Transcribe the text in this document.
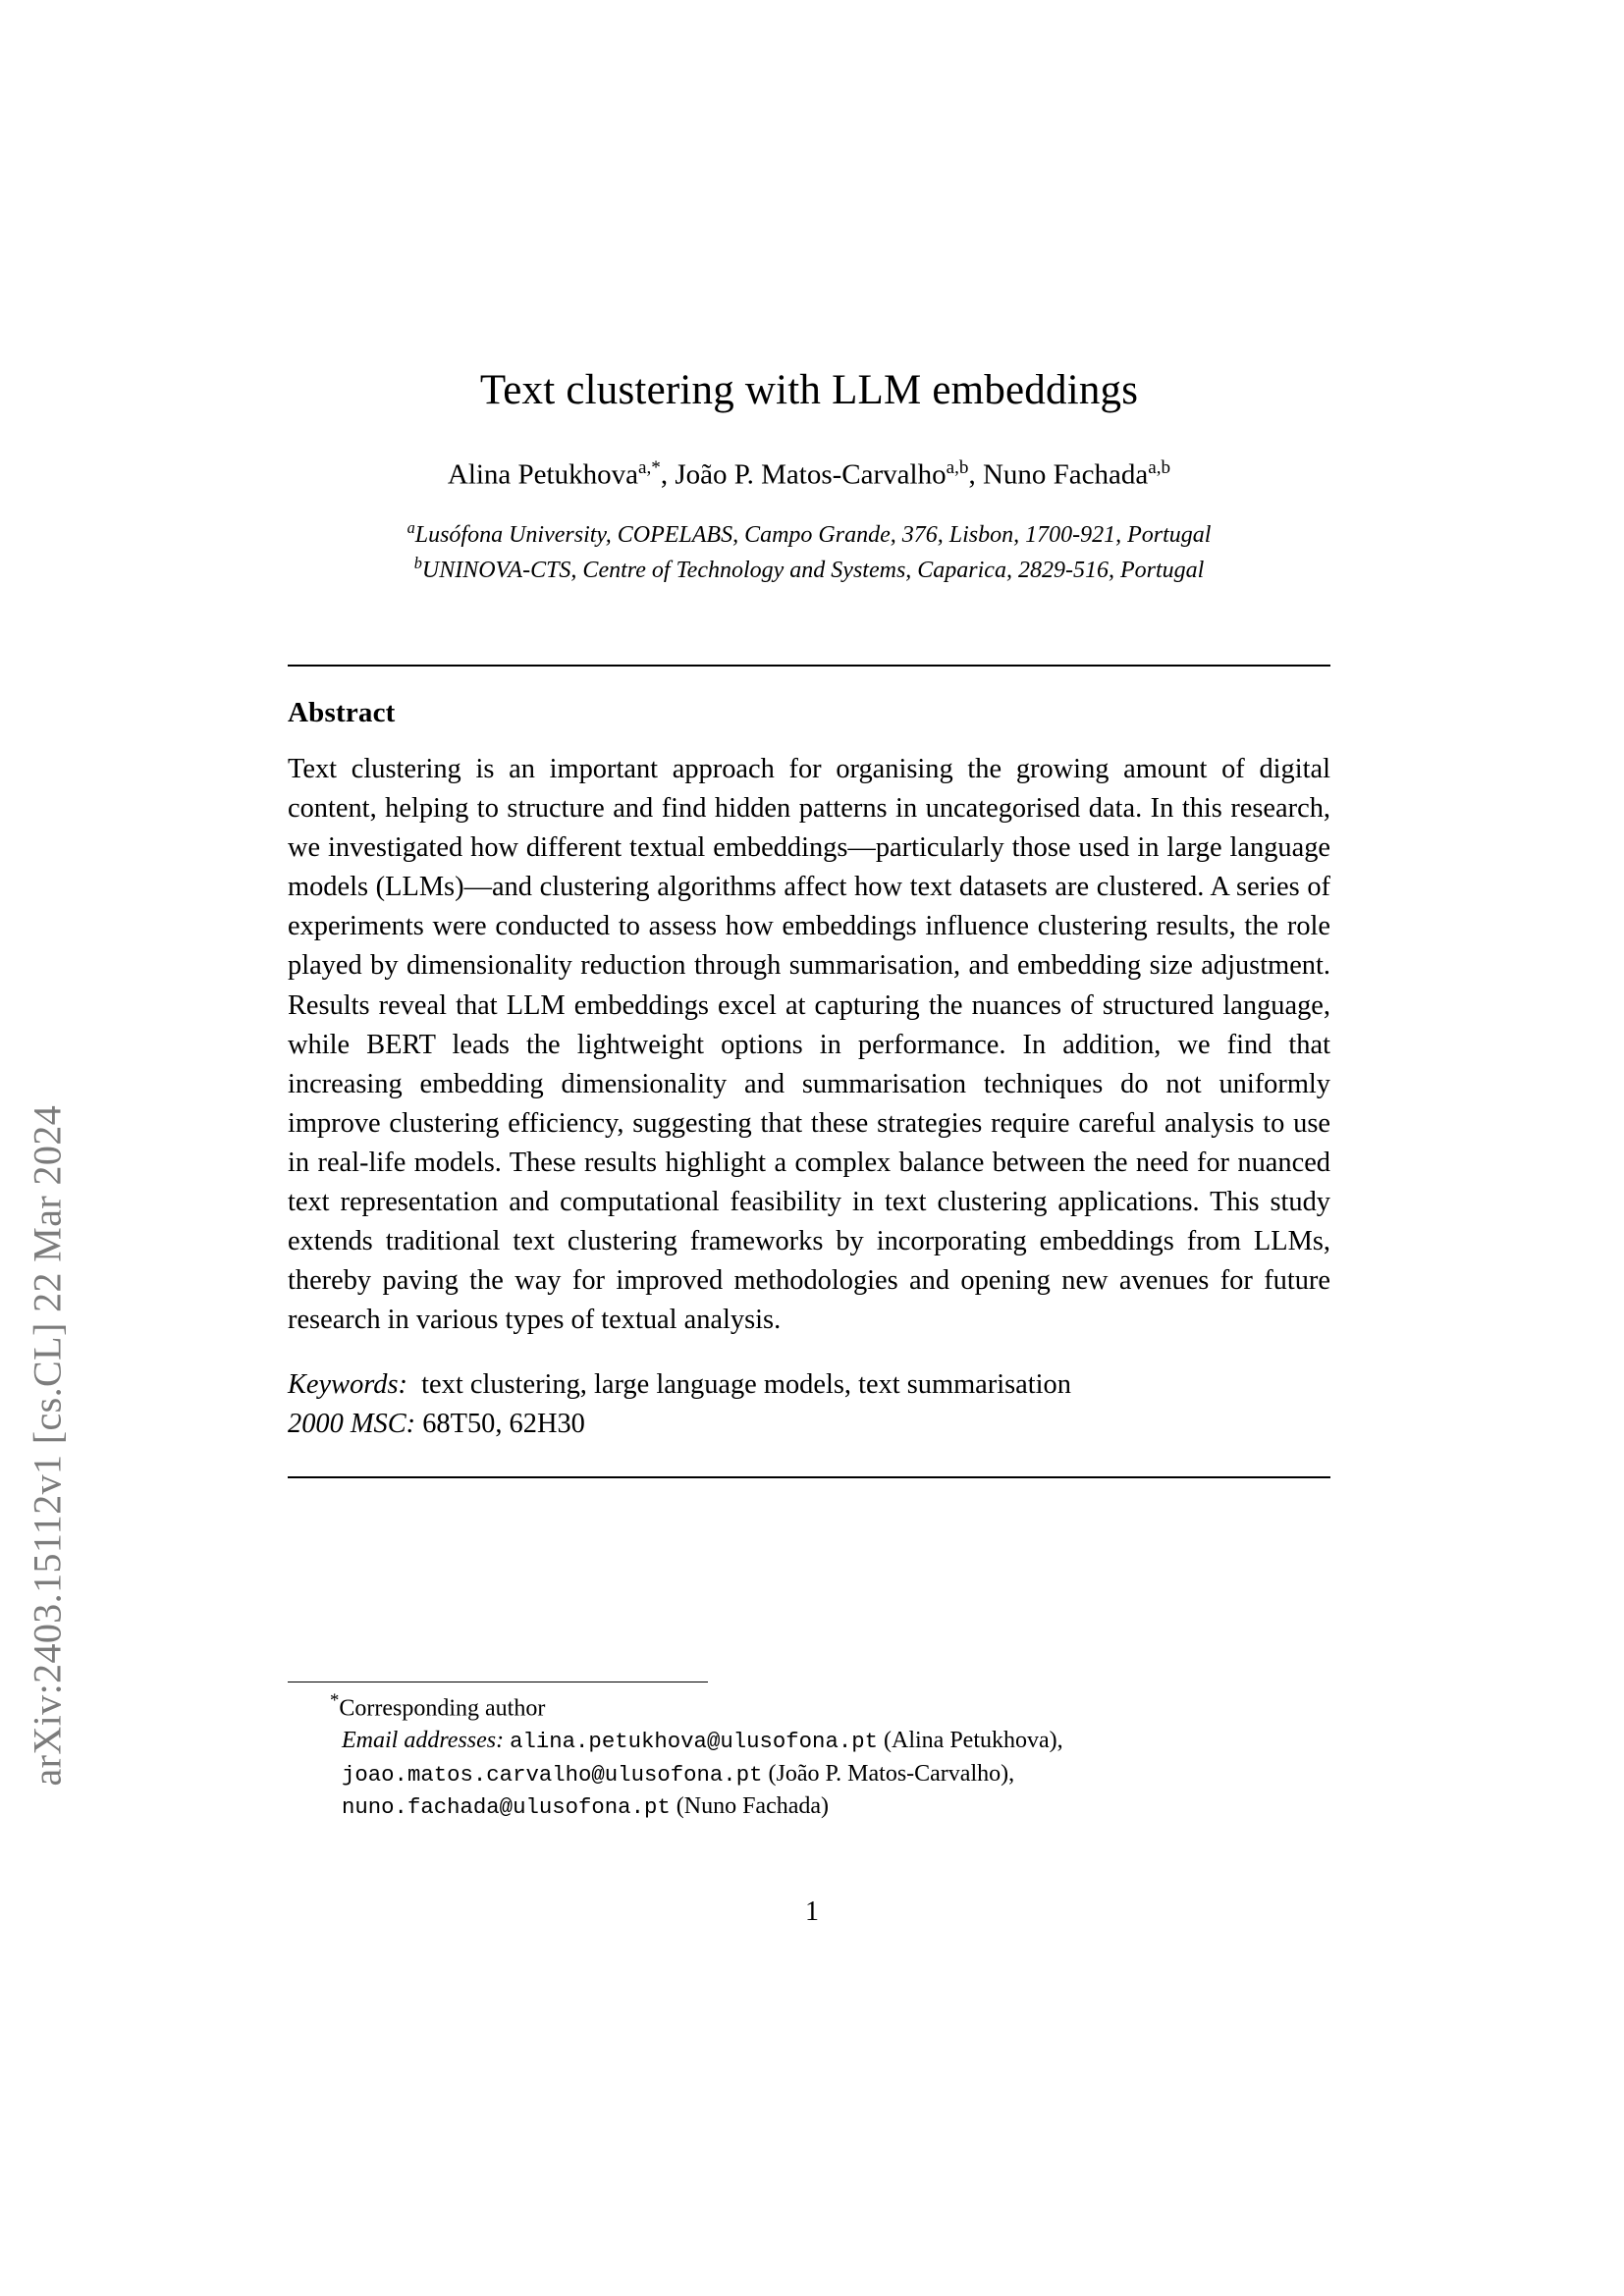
arXiv:2403.15112v1 [cs.CL] 22 Mar 2024
Text clustering with LLM embeddings
Alina Petukhova$^{a,*}$, João P. Matos-Carvalho$^{a,b}$, Nuno Fachada$^{a,b}$
$^a$Lusófona University, COPELABS, Campo Grande, 376, Lisbon, 1700-921, Portugal
$^b$UNINOVA-CTS, Centre of Technology and Systems, Caparica, 2829-516, Portugal
Abstract
Text clustering is an important approach for organising the growing amount of digital content, helping to structure and find hidden patterns in uncategorised data. In this research, we investigated how different textual embeddings—particularly those used in large language models (LLMs)—and clustering algorithms affect how text datasets are clustered. A series of experiments were conducted to assess how embeddings influence clustering results, the role played by dimensionality reduction through summarisation, and embedding size adjustment. Results reveal that LLM embeddings excel at capturing the nuances of structured language, while BERT leads the lightweight options in performance. In addition, we find that increasing embedding dimensionality and summarisation techniques do not uniformly improve clustering efficiency, suggesting that these strategies require careful analysis to use in real-life models. These results highlight a complex balance between the need for nuanced text representation and computational feasibility in text clustering applications. This study extends traditional text clustering frameworks by incorporating embeddings from LLMs, thereby paving the way for improved methodologies and opening new avenues for future research in various types of textual analysis.
Keywords: text clustering, large language models, text summarisation
2000 MSC: 68T50, 62H30
*Corresponding author
Email addresses: alina.petukhova@ulusofona.pt (Alina Petukhova), joao.matos.carvalho@ulusofona.pt (João P. Matos-Carvalho), nuno.fachada@ulusofona.pt (Nuno Fachada)
1
